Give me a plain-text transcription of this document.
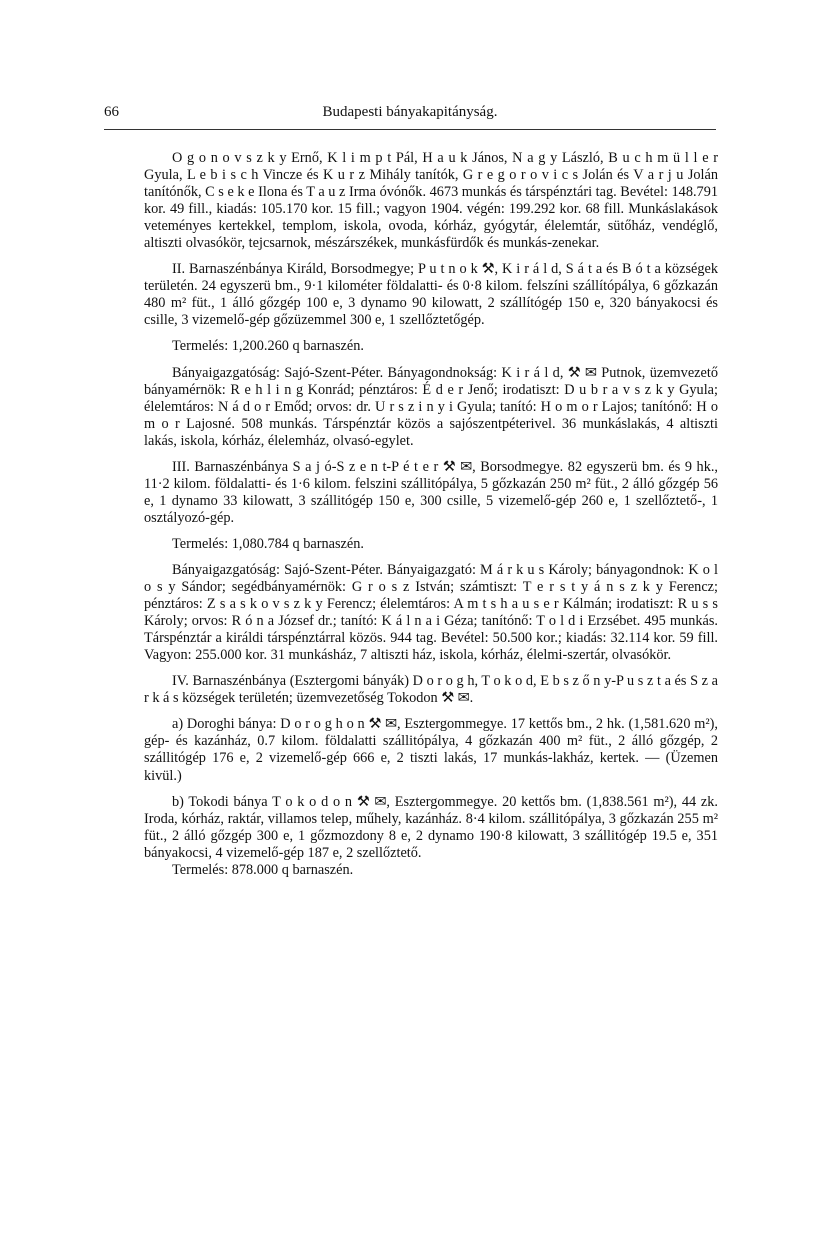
66	Budapesti bányakapitányság.

O g o n o v s z k y Ernő, K l i m p t Pál, H a u k János, N a g y László, B u c h m ü l l e r Gyula, L e b i s c h Vincze és K u r z Mihály tanítók, G r e g o r o v i c s Jolán és V a r j u Jolán tanítónők, C s e k e Ilona és T a u z Irma óvónők. 4673 munkás és társpénztári tag. Bevétel: 148.791 kor. 49 fill., kiadás: 105.170 kor. 15 fill.; vagyon 1904. végén: 199.292 kor. 68 fill. Munkáslakások veteményes kertekkel, templom, iskola, ovoda, kórház, gyógytár, élelemtár, sütőház, vendéglő, altiszti olvasókör, tejcsarnok, mészárszékek, munkásfürdők és munkás-zenekar.

II. Barnaszénbánya Királd, Borsodmegye; P u t n o k ⚒, K i r á l d, S á t a és B ó t a községek területén. 24 egyszerü bm., 9·1 kilométer földalatti- és 0·8 kilom. felszíni szállítópálya, 6 gőzkazán 480 m² füt., 1 álló gőzgép 100 e, 3 dynamo 90 kilowatt, 2 szállítógép 150 e, 320 bányakocsi és csille, 3 vizemelő-gép gőzüzemmel 300 e, 1 szellőztetőgép.

Termelés: 1,200.260 q barnaszén.

Bányaigazgatóság: Sajó-Szent-Péter. Bányagondnokság: K i r á l d, ⚒ ✉ Putnok, üzemvezető bányamérnök: R e h l i n g Konrád; pénztáros: É d e r Jenő; irodatiszt: D u b r a v s z k y Gyula; élelemtáros: N á d o r Emőd; orvos: dr. U r s z i n y i Gyula; tanító: H o m o r Lajos; tanítónő: H o m o r Lajosné. 508 munkás. Társpénztár közös a sajószentpéterivel. 36 munkáslakás, 4 altiszti lakás, iskola, kórház, élelemház, olvasó-egylet.

III. Barnaszénbánya S a j ó-S z e n t-P é t e r ⚒ ✉, Borsodmegye. 82 egyszerü bm. és 9 hk., 11·2 kilom. földalatti- és 1·6 kilom. felszini szállitópálya, 5 gőzkazán 250 m² füt., 2 álló gőzgép 56 e, 1 dynamo 33 kilowatt, 3 szállitógép 150 e, 300 csille, 5 vizemelő-gép 260 e, 1 szellőztető-, 1 osztályozó-gép.

Termelés: 1,080.784 q barnaszén.

Bányaigazgatóság: Sajó-Szent-Péter. Bányaigazgató: M á r k u s Károly; bányagondnok: K o l o s y Sándor; segédbányamérnök: G r o s z István; számtiszt: T e r s t y á n s z k y Ferencz; pénztáros: Z s a s k o v s z k y Ferencz; élelemtáros: A m t s h a u s e r Kálmán; irodatiszt: R u s s Károly; orvos: R ó n a József dr.; tanító: K á l n a i Géza; tanítónő: T o l d i Erzsébet. 495 munkás. Társpénztár a királdi társpénztárral közös. 944 tag. Bevétel: 50.500 kor.; kiadás: 32.114 kor. 59 fill. Vagyon: 255.000 kor. 31 munkásház, 7 altiszti ház, iskola, kórház, élelmi-szertár, olvasókör.

IV. Barnaszénbánya (Esztergomi bányák) D o r o g h, T o k o d, E b s z ő n y-P u s z t a és S z a r k á s községek területén; üzemvezetőség Tokodon ⚒ ✉.

a) Doroghi bánya: D o r o g h o n ⚒ ✉, Esztergommegye. 17 kettős bm., 2 hk. (1,581.620 m²), gép- és kazánház, 0.7 kilom. földalatti szállitópálya, 4 gőzkazán 400 m² füt., 2 álló gőzgép, 2 szállitógép 176 e, 2 vizemelő-gép 666 e, 2 tiszti lakás, 17 munkás-lakház, kertek. — (Üzemen kivül.)

b) Tokodi bánya T o k o d o n ⚒ ✉, Esztergommegye. 20 kettős bm. (1,838.561 m²), 44 zk. Iroda, kórház, raktár, villamos telep, műhely, kazánház. 8·4 kilom. szállitópálya, 3 gőzkazán 255 m² füt., 2 álló gőzgép 300 e, 1 gőzmozdony 8 e, 2 dynamo 190·8 kilowatt, 3 szállitógép 19.5 e, 351 bányakocsi, 4 vizemelő-gép 187 e, 2 szellőztető.

Termelés: 878.000 q barnaszén.
